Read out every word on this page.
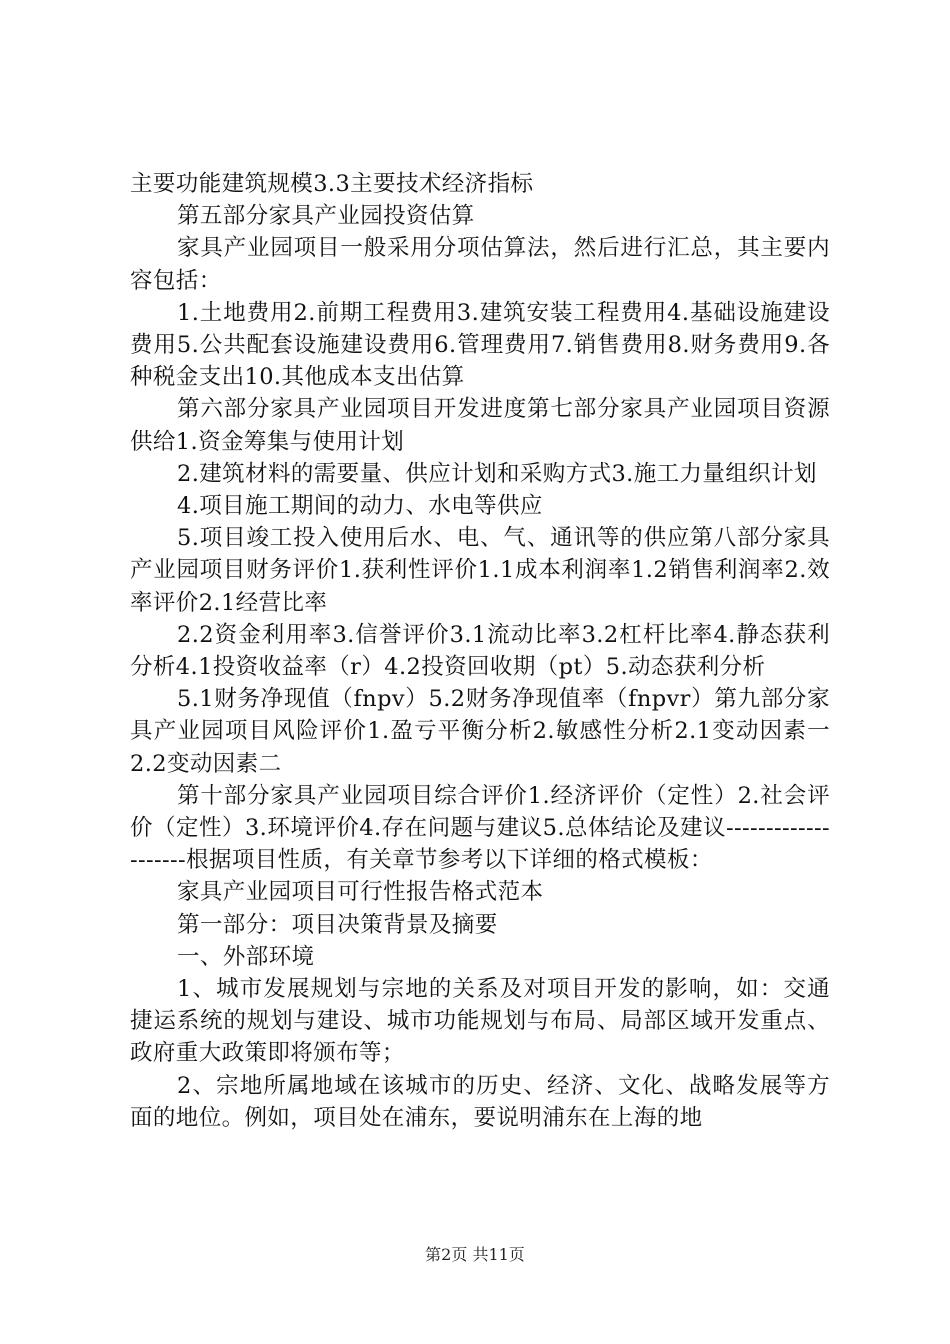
主要功能建筑规模3.3主要技术经济指标

第五部分家具产业园投资估算

家具产业园项目一般采用分项估算法，然后进行汇总，其主要内容包括：

1.土地费用2.前期工程费用3.建筑安装工程费用4.基础设施建设费用5.公共配套设施建设费用6.管理费用7.销售费用8.财务费用9.各种税金支出10.其他成本支出估算

第六部分家具产业园项目开发进度第七部分家具产业园项目资源供给1.资金筹集与使用计划

2.建筑材料的需要量、供应计划和采购方式3.施工力量组织计划

4.项目施工期间的动力、水电等供应

5.项目竣工投入使用后水、电、气、通讯等的供应第八部分家具产业园项目财务评价1.获利性评价1.1成本利润率1.2销售利润率2.效率评价2.1经营比率

2.2资金利用率3.信誉评价3.1流动比率3.2杠杆比率4.静态获利分析4.1投资收益率（r）4.2投资回收期（pt）5.动态获利分析

5.1财务净现值（fnpv）5.2财务净现值率（fnpvr）第九部分家具产业园项目风险评价1.盈亏平衡分析2.敏感性分析2.1变动因素一2.2变动因素二

第十部分家具产业园项目综合评价1.经济评价（定性）2.社会评价（定性）3.环境评价4.存在问题与建议5.总体结论及建议--------------------根据项目性质，有关章节参考以下详细的格式模板：

家具产业园项目可行性报告格式范本

第一部分：项目决策背景及摘要

一、外部环境

1、城市发展规划与宗地的关系及对项目开发的影响，如：交通捷运系统的规划与建设、城市功能规划与布局、局部区域开发重点、政府重大政策即将颁布等；

2、宗地所属地域在该城市的历史、经济、文化、战略发展等方面的地位。例如，项目处在浦东，要说明浦东在上海的地

第2页 共11页
